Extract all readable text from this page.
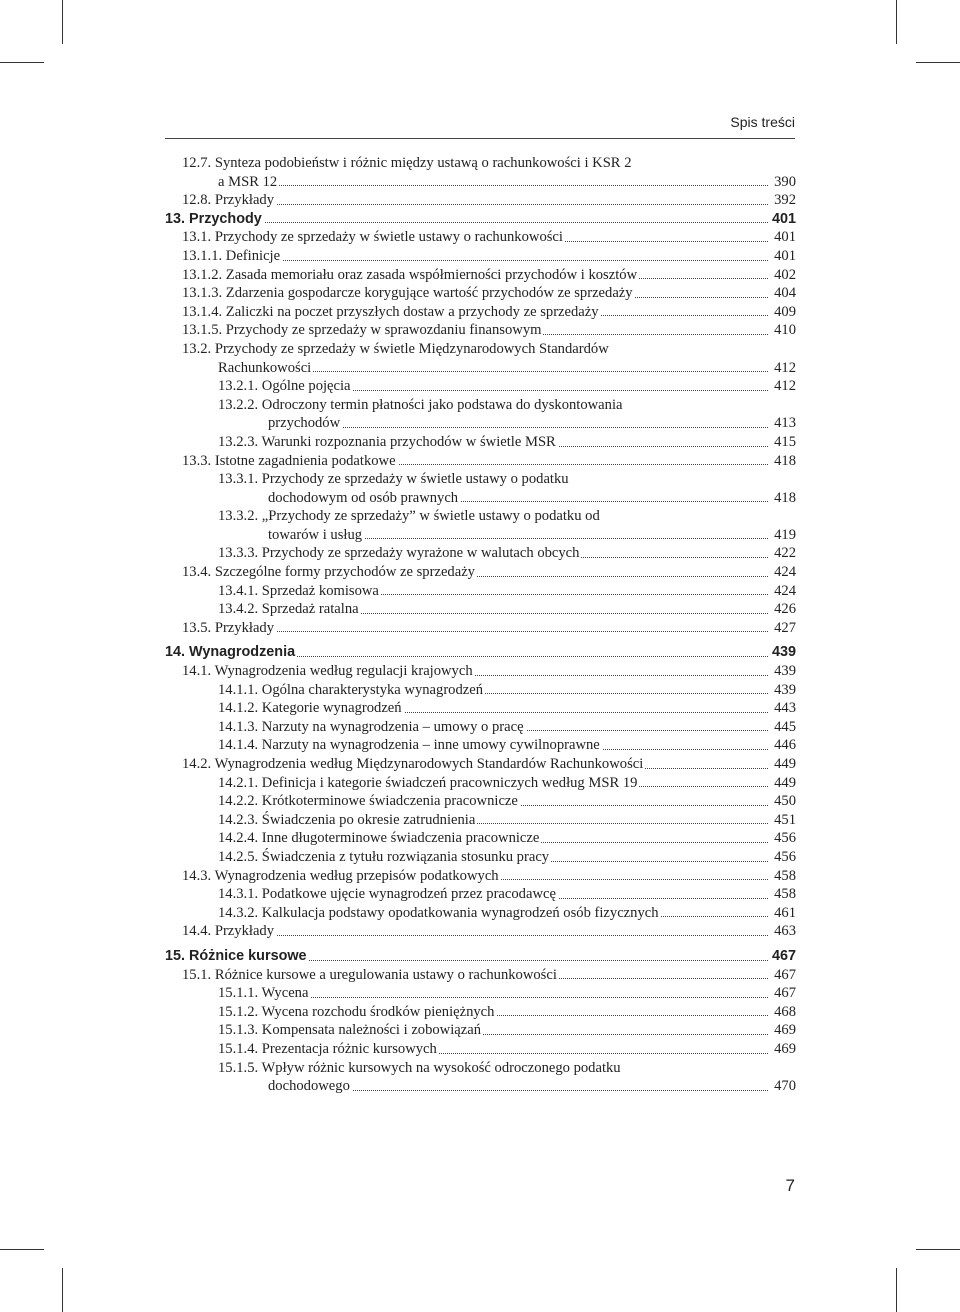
Spis treści
12.7. Synteza podobieństw i różnic między ustawą o rachunkowości i KSR 2
a MSR 12	390
12.8. Przykłady	392
13. Przychody	401
13.1. Przychody ze sprzedaży w świetle ustawy o rachunkowości	401
13.1.1. Definicje	401
13.1.2. Zasada memoriału oraz zasada współmierności przychodów i kosztów	402
13.1.3. Zdarzenia gospodarcze korygujące wartość przychodów ze sprzedaży	404
13.1.4. Zaliczki na poczet przyszłych dostaw a przychody ze sprzedaży	409
13.1.5. Przychody ze sprzedaży w sprawozdaniu finansowym	410
13.2. Przychody ze sprzedaży w świetle Międzynarodowych Standardów
Rachunkowości	412
13.2.1. Ogólne pojęcia	412
13.2.2. Odroczony termin płatności jako podstawa do dyskontowania
przychodów	413
13.2.3. Warunki rozpoznania przychodów w świetle MSR	415
13.3. Istotne zagadnienia podatkowe	418
13.3.1. Przychody ze sprzedaży w świetle ustawy o podatku
dochodowym od osób prawnych	418
13.3.2. „Przychody ze sprzedaży” w świetle ustawy o podatku od
towarów i usług	419
13.3.3. Przychody ze sprzedaży wyrażone w walutach obcych	422
13.4. Szczególne formy przychodów ze sprzedaży	424
13.4.1. Sprzedaż komisowa	424
13.4.2. Sprzedaż ratalna	426
13.5. Przykłady	427
14. Wynagrodzenia	439
14.1. Wynagrodzenia według regulacji krajowych	439
14.1.1. Ogólna charakterystyka wynagrodzeń	439
14.1.2. Kategorie wynagrodzeń	443
14.1.3. Narzuty na wynagrodzenia – umowy o pracę	445
14.1.4. Narzuty na wynagrodzenia – inne umowy cywilnoprawne	446
14.2. Wynagrodzenia według Międzynarodowych Standardów Rachunkowości	449
14.2.1. Definicja i kategorie świadczeń pracowniczych według MSR 19	449
14.2.2. Krótkoterminowe świadczenia pracownicze	450
14.2.3. Świadczenia po okresie zatrudnienia	451
14.2.4. Inne długoterminowe świadczenia pracownicze	456
14.2.5. Świadczenia z tytułu rozwiązania stosunku pracy	456
14.3. Wynagrodzenia według przepisów podatkowych	458
14.3.1. Podatkowe ujęcie wynagrodzeń przez pracodawcę	458
14.3.2. Kalkulacja podstawy opodatkowania wynagrodzeń osób fizycznych	461
14.4. Przykłady	463
15. Różnice kursowe	467
15.1. Różnice kursowe a uregulowania ustawy o rachunkowości	467
15.1.1. Wycena	467
15.1.2. Wycena rozchodu środków pieniężnych	468
15.1.3. Kompensata należności i zobowiązań	469
15.1.4. Prezentacja różnic kursowych	469
15.1.5. Wpływ różnic kursowych na wysokość odroczonego podatku
dochodowego	470
7
